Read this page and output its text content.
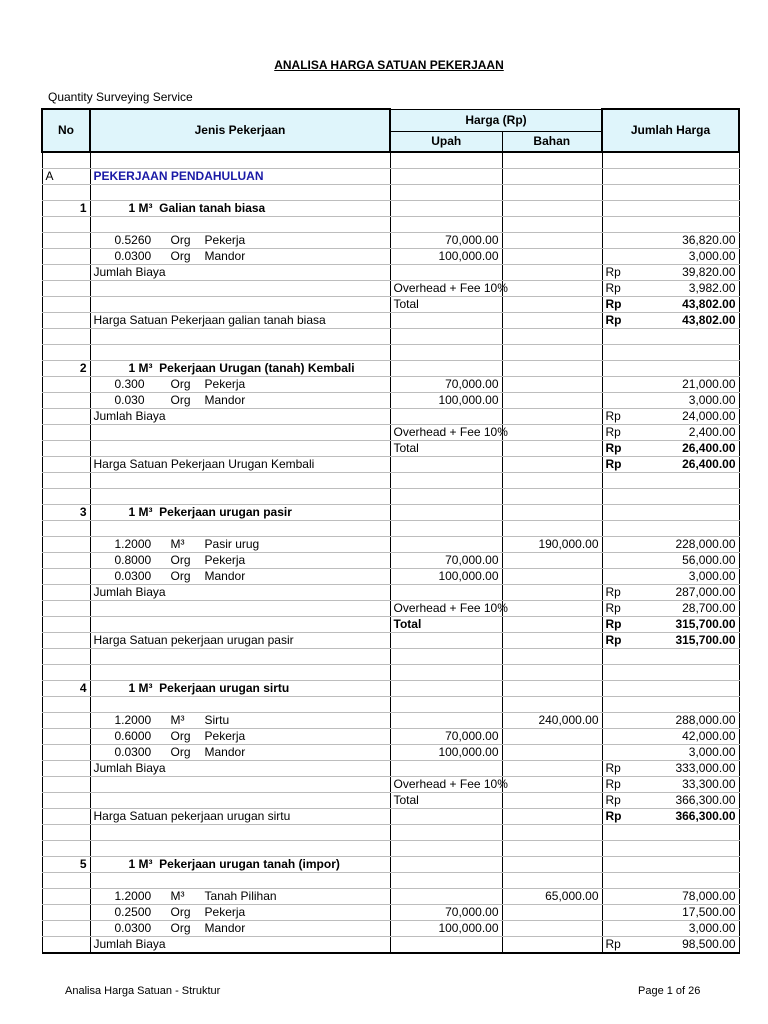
ANALISA HARGA SATUAN PEKERJAAN
Quantity Surveying Service
No	Jenis Pekerjaan	Harga (Rp)		Jumlah Harga	
		Upah	Bahan		

A	PEKERJAAN PENDAHULUAN				

1	1 M³ Galian tanah biasa				

	0.5260 Org Pekerja	70,000.00			36,820.00
	0.0300 Org Mandor	100,000.00			3,000.00
	Jumlah Biaya			Rp	39,820.00
		Overhead + Fee 10%		Rp	3,982.00
		Total		Rp	43,802.00
	Harga Satuan Pekerjaan galian tanah biasa			Rp	43,802.00

2	1 M³ Pekerjaan Urugan (tanah) Kembali				
	0.300 Org Pekerja	70,000.00			21,000.00
	0.030 Org Mandor	100,000.00			3,000.00
	Jumlah Biaya			Rp	24,000.00
		Overhead + Fee 10%		Rp	2,400.00
		Total		Rp	26,400.00
	Harga Satuan Pekerjaan Urugan Kembali			Rp	26,400.00

3	1 M³ Pekerjaan urugan pasir				

	1.2000 M³ Pasir urug		190,000.00		228,000.00
	0.8000 Org Pekerja	70,000.00			56,000.00
	0.0300 Org Mandor	100,000.00			3,000.00
	Jumlah Biaya			Rp	287,000.00
		Overhead + Fee 10%		Rp	28,700.00
		Total		Rp	315,700.00
	Harga Satuan pekerjaan urugan pasir			Rp	315,700.00

4	1 M³ Pekerjaan urugan sirtu				

	1.2000 M³ Sirtu		240,000.00		288,000.00
	0.6000 Org Pekerja	70,000.00			42,000.00
	0.0300 Org Mandor	100,000.00			3,000.00
	Jumlah Biaya			Rp	333,000.00
		Overhead + Fee 10%		Rp	33,300.00
		Total		Rp	366,300.00
	Harga Satuan pekerjaan urugan sirtu			Rp	366,300.00

5	1 M³ Pekerjaan urugan tanah (impor)				

	1.2000 M³ Tanah Pilihan		65,000.00		78,000.00
	0.2500 Org Pekerja	70,000.00			17,500.00
	0.0300 Org Mandor	100,000.00			3,000.00
	Jumlah Biaya			Rp	98,500.00
Analisa Harga Satuan - Struktur	Page 1 of 26
